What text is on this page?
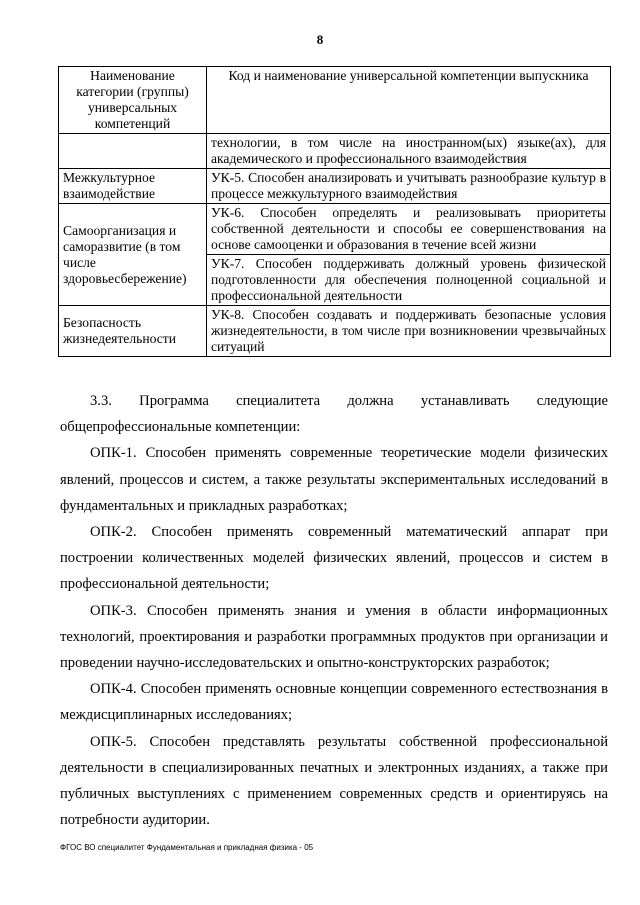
8
Наименование категории (группы) универсальных компетенций	Код и наименование универсальной компетенции выпускника
	технологии, в том числе на иностранном(ых) языке(ах), для академического и профессионального взаимодействия
Межкультурное взаимодействие	УК-5. Способен анализировать и учитывать разнообразие культур в процессе межкультурного взаимодействия
Самоорганизация и саморазвитие (в том числе здоровьесбережение)	УК-6. Способен определять и реализовывать приоритеты собственной деятельности и способы ее совершенствования на основе самооценки и образования в течение всей жизни
	УК-7. Способен поддерживать должный уровень физической подготовленности для обеспечения полноценной социальной и профессиональной деятельности
Безопасность жизнедеятельности	УК-8. Способен создавать и поддерживать безопасные условия жизнедеятельности, в том числе при возникновении чрезвычайных ситуаций

3.3. Программа специалитета должна устанавливать следующие общепрофессиональные компетенции:

ОПК-1. Способен применять современные теоретические модели физических явлений, процессов и систем, а также результаты экспериментальных исследований в фундаментальных и прикладных разработках;

ОПК-2. Способен применять современный математический аппарат при построении количественных моделей физических явлений, процессов и систем в профессиональной деятельности;

ОПК-3. Способен применять знания и умения в области информационных технологий, проектирования и разработки программных продуктов при организации и проведении научно-исследовательских и опытно-конструкторских разработок;

ОПК-4. Способен применять основные концепции современного естествознания в междисциплинарных исследованиях;

ОПК-5. Способен представлять результаты собственной профессиональной деятельности в специализированных печатных и электронных изданиях, а также при публичных выступлениях с применением современных средств и ориентируясь на потребности аудитории.

ФГОС ВО специалитет Фундаментальная и прикладная физика - 05
